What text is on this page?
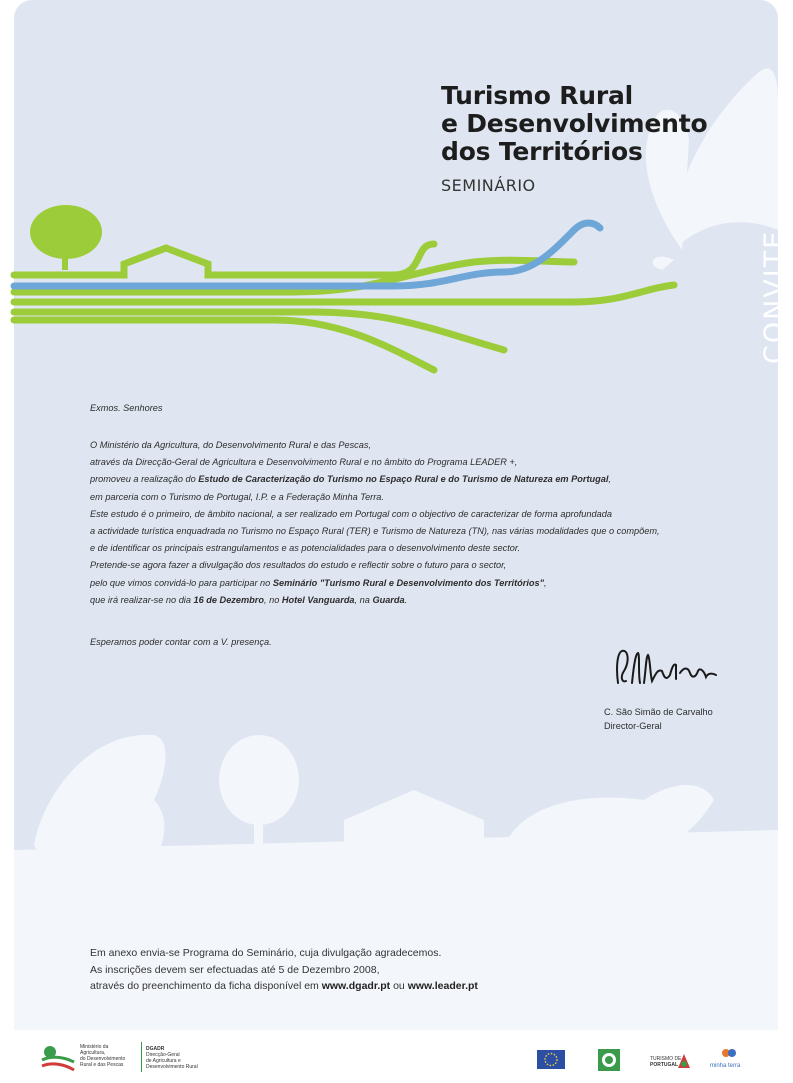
Turismo Rural
e Desenvolvimento
dos Territórios
SEMINÁRIO
CONVITE
Exmos. Senhores

O Ministério da Agricultura, do Desenvolvimento Rural e das Pescas,

através da Direcção-Geral de Agricultura e Desenvolvimento Rural e no âmbito do Programa LEADER +,

promoveu a realização do Estudo de Caracterização do Turismo no Espaço Rural e do Turismo de Natureza em Portugal,

em parceria com o Turismo de Portugal, I.P. e a Federação Minha Terra.

Este estudo é o primeiro, de âmbito nacional, a ser realizado em Portugal com o objectivo de caracterizar de forma aprofundada

a actividade turística enquadrada no Turismo no Espaço Rural (TER) e Turismo de Natureza (TN), nas várias modalidades que o compõem,

e de identificar os principais estrangulamentos e as potencialidades para o desenvolvimento deste sector.

Pretende-se agora fazer a divulgação dos resultados do estudo e reflectir sobre o futuro para o sector,

pelo que vimos convidá-lo para participar no Seminário "Turismo Rural e Desenvolvimento dos Territórios",

que irá realizar-se no dia 16 de Dezembro, no Hotel Vanguarda, na Guarda.

Esperamos poder contar com a V. presença.
C. São Simão de Carvalho
Director-Geral
Em anexo envia-se Programa do Seminário, cuja divulgação agradecemos.
As inscrições devem ser efectuadas até 5 de Dezembro 2008,
através do preenchimento da ficha disponível em www.dgadr.pt ou www.leader.pt
Ministério da
Agricultura,
do Desenvolvimento
Rural e das Pescas
DGADR
Direcção-Geral
de Agricultura e
Desenvolvimento Rural
TURISMO DE
PORTUGAL	minha terra
